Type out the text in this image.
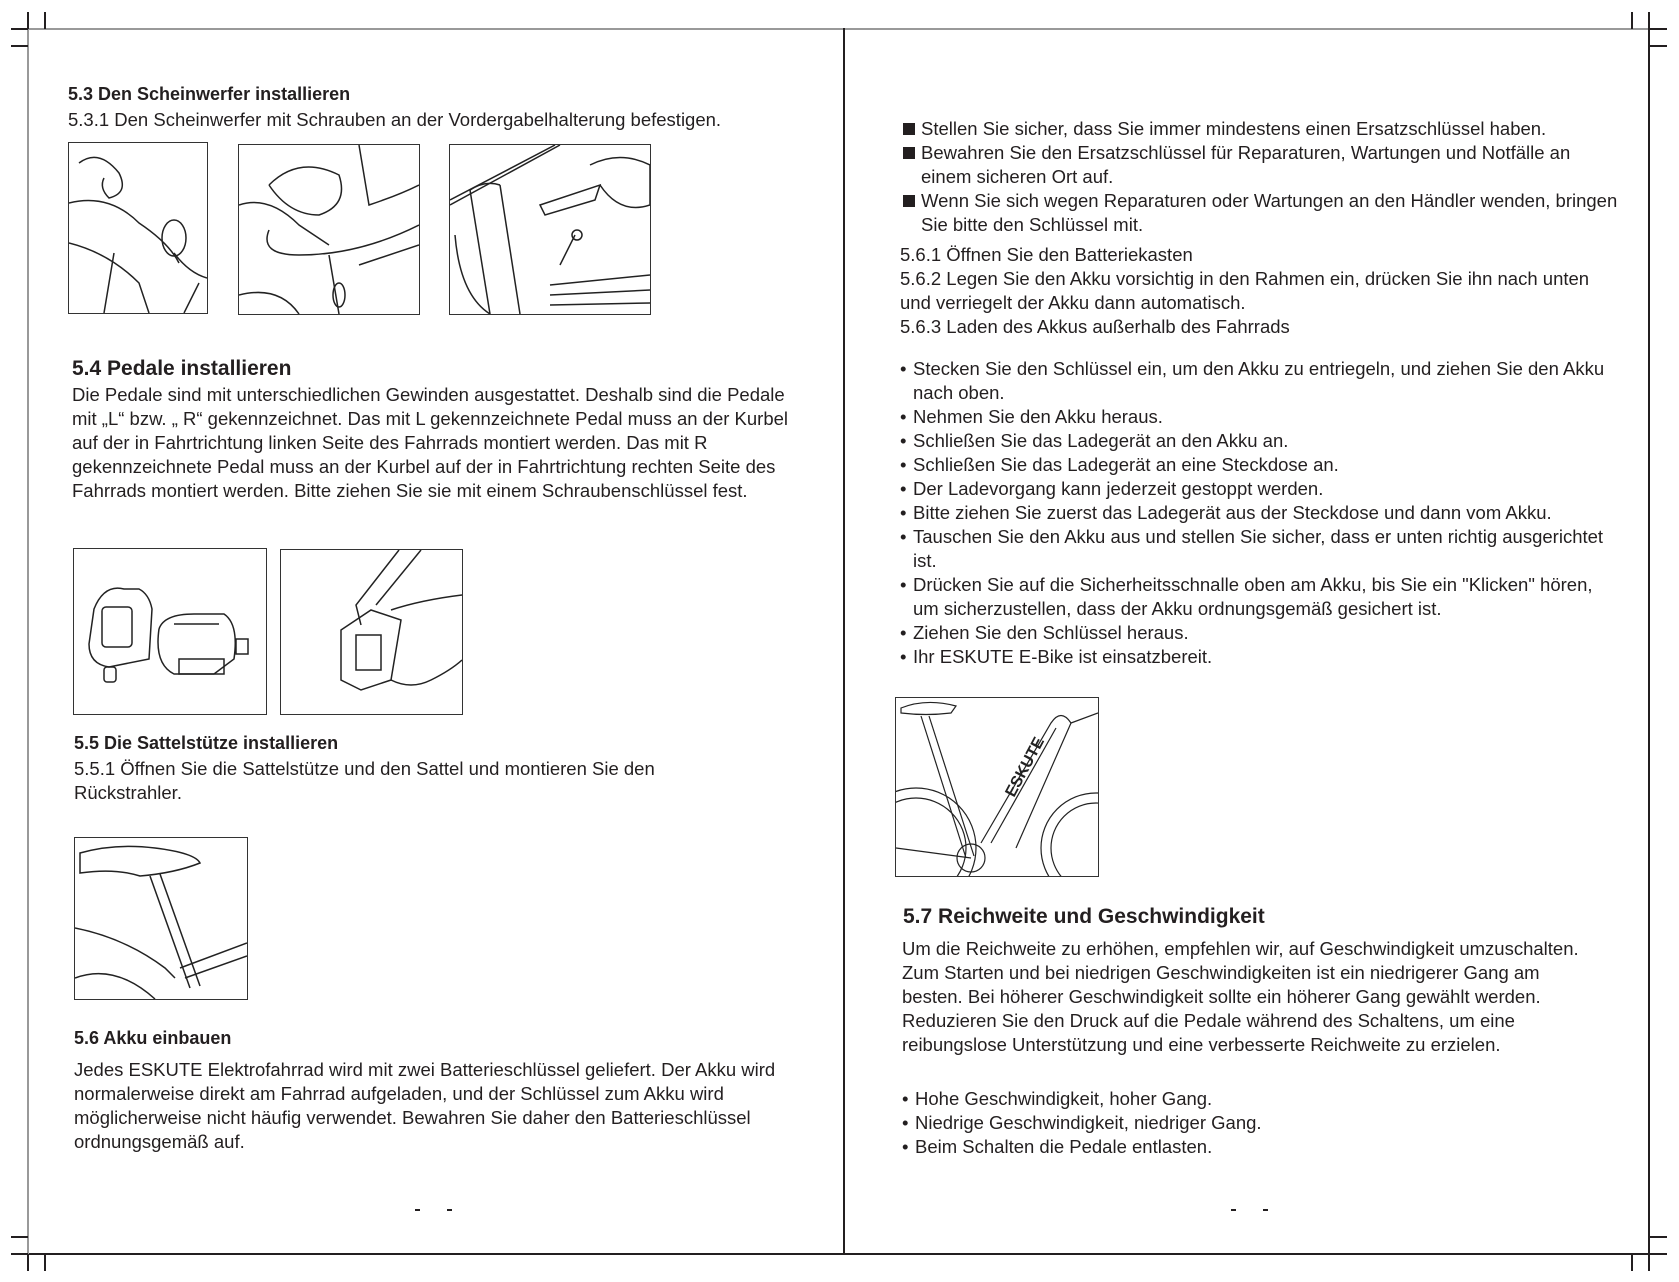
5.3 Den Scheinwerfer installieren
5.3.1 Den Scheinwerfer mit Schrauben an der Vordergabelhalterung befestigen.
5.4 Pedale installieren
Die Pedale sind mit unterschiedlichen Gewinden ausgestattet. Deshalb sind die Pedale mit „L“ bzw. „ R“ gekennzeichnet. Das mit L gekennzeichnete Pedal muss an der Kurbel auf der in Fahrtrichtung linken Seite des Fahrrads montiert werden. Das mit R gekennzeichnete Pedal muss an der Kurbel auf der in Fahrtrichtung rechten Seite des Fahrrads montiert werden. Bitte ziehen Sie sie mit einem Schraubenschlüssel fest.
5.5 Die Sattelstütze installieren
5.5.1 Öffnen Sie die Sattelstütze und den Sattel und montieren Sie den Rückstrahler.
5.6 Akku einbauen
Jedes ESKUTE Elektrofahrrad wird mit zwei Batterieschlüssel geliefert. Der Akku wird normalerweise direkt am Fahrrad aufgeladen, und der Schlüssel zum Akku wird möglicherweise nicht häufig verwendet. Bewahren Sie daher den Batterieschlüssel ordnungsgemäß auf.
Stellen Sie sicher, dass Sie immer mindestens einen Ersatzschlüssel haben.
Bewahren Sie den Ersatzschlüssel für Reparaturen, Wartungen und Notfälle an einem sicheren Ort auf.
Wenn Sie sich wegen Reparaturen oder Wartungen an den Händler wenden, bringen Sie bitte den Schlüssel mit.
5.6.1 Öffnen Sie den Batteriekasten
5.6.2 Legen Sie den Akku vorsichtig in den Rahmen ein, drücken Sie ihn nach unten und verriegelt der Akku dann automatisch.
5.6.3 Laden des Akkus außerhalb des Fahrrads
• Stecken Sie den Schlüssel ein, um den Akku zu entriegeln, und ziehen Sie den Akku nach oben.
• Nehmen Sie den Akku heraus.
• Schließen Sie das Ladegerät an den Akku an.
• Schließen Sie das Ladegerät an eine Steckdose an.
• Der Ladevorgang kann jederzeit gestoppt werden.
• Bitte ziehen Sie zuerst das Ladegerät aus der Steckdose und dann vom Akku.
• Tauschen Sie den Akku aus und stellen Sie sicher, dass er unten richtig ausgerichtet ist.
• Drücken Sie auf die Sicherheitsschnalle oben am Akku, bis Sie ein "Klicken" hören, um sicherzustellen, dass der Akku ordnungsgemäß gesichert ist.
• Ziehen Sie den Schlüssel heraus.
• Ihr ESKUTE E-Bike ist einsatzbereit.
ESKUTE
5.7 Reichweite und Geschwindigkeit
Um die Reichweite zu erhöhen, empfehlen wir, auf Geschwindigkeit umzuschalten. Zum Starten und bei niedrigen Geschwindigkeiten ist ein niedrigerer Gang am besten. Bei höherer Geschwindigkeit sollte ein höherer Gang gewählt werden. Reduzieren Sie den Druck auf die Pedale während des Schaltens, um eine reibungslose Unterstützung und eine verbesserte Reichweite zu erzielen.
• Hohe Geschwindigkeit, hoher Gang.
• Niedrige Geschwindigkeit, niedriger Gang.
• Beim Schalten die Pedale entlasten.
